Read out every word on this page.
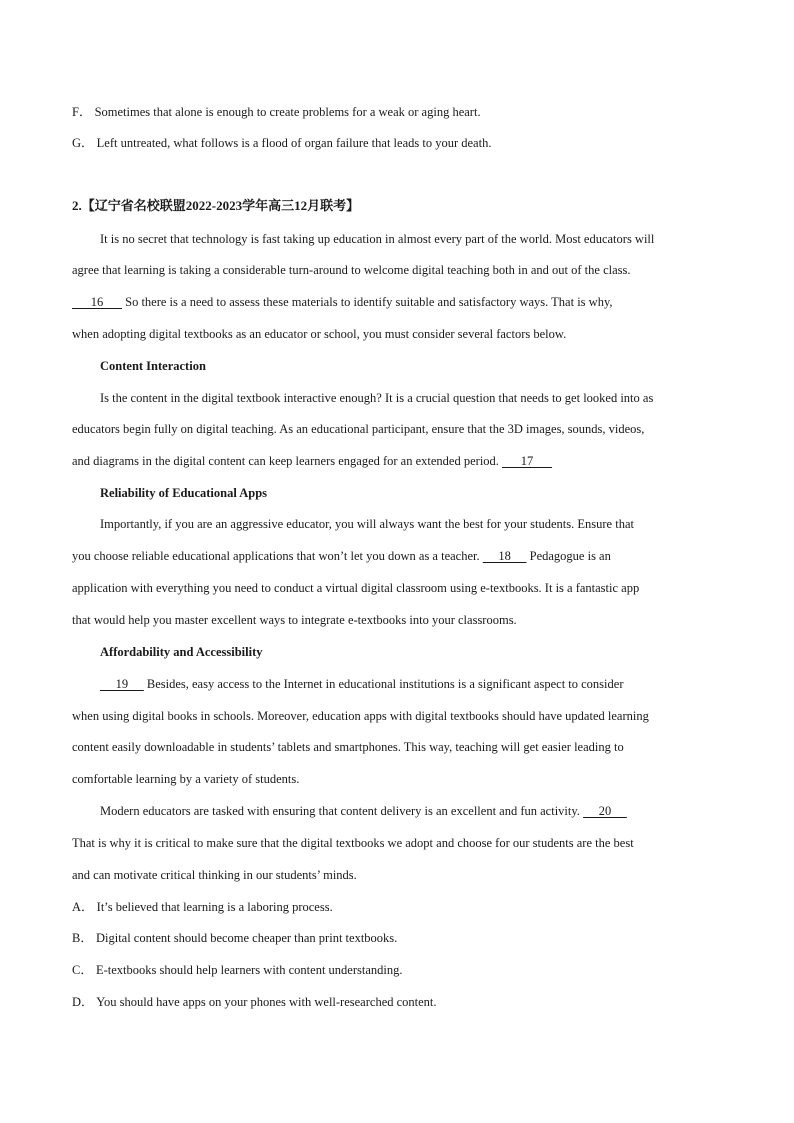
F． Sometimes that alone is enough to create problems for a weak or aging heart.
G． Left untreated, what follows is a flood of organ failure that leads to your death.
2.【辽宁省名校联盟2022-2023学年高三12月联考】
It is no secret that technology is fast taking up education in almost every part of the world. Most educators will
agree that learning is taking a considerable turn-around to welcome digital teaching both in and out of the class.
16       So there is a need to assess these materials to identify suitable and satisfactory ways. That is why,
when adopting digital textbooks as an educator or school, you must consider several factors below.
Content Interaction
Is the content in the digital textbook interactive enough? It is a crucial question that needs to get looked into as
educators begin fully on digital teaching. As an educational participant, ensure that the 3D images, sounds, videos,
and diagrams in the digital content can keep learners engaged for an extended period.       17
Reliability of Educational Apps
Importantly, if you are an aggressive educator, you will always want the best for your students. Ensure that
you choose reliable educational applications that won’t let you down as a teacher.      18      Pedagogue is an
application with everything you need to conduct a virtual digital classroom using e-textbooks. It is a fantastic app
that would help you master excellent ways to integrate e-textbooks into your classrooms.
Affordability and Accessibility
19      Besides, easy access to the Internet in educational institutions is a significant aspect to consider
when using digital books in schools. Moreover, education apps with digital textbooks should have updated learning
content easily downloadable in students’ tablets and smartphones. This way, teaching will get easier leading to
comfortable learning by a variety of students.
Modern educators are tasked with ensuring that content delivery is an excellent and fun activity.      20
That is why it is critical to make sure that the digital textbooks we adopt and choose for our students are the best
and can motivate critical thinking in our students’ minds.
A． It’s believed that learning is a laboring process.
B． Digital content should become cheaper than print textbooks.
C． E-textbooks should help learners with content understanding.
D． You should have apps on your phones with well-researched content.
